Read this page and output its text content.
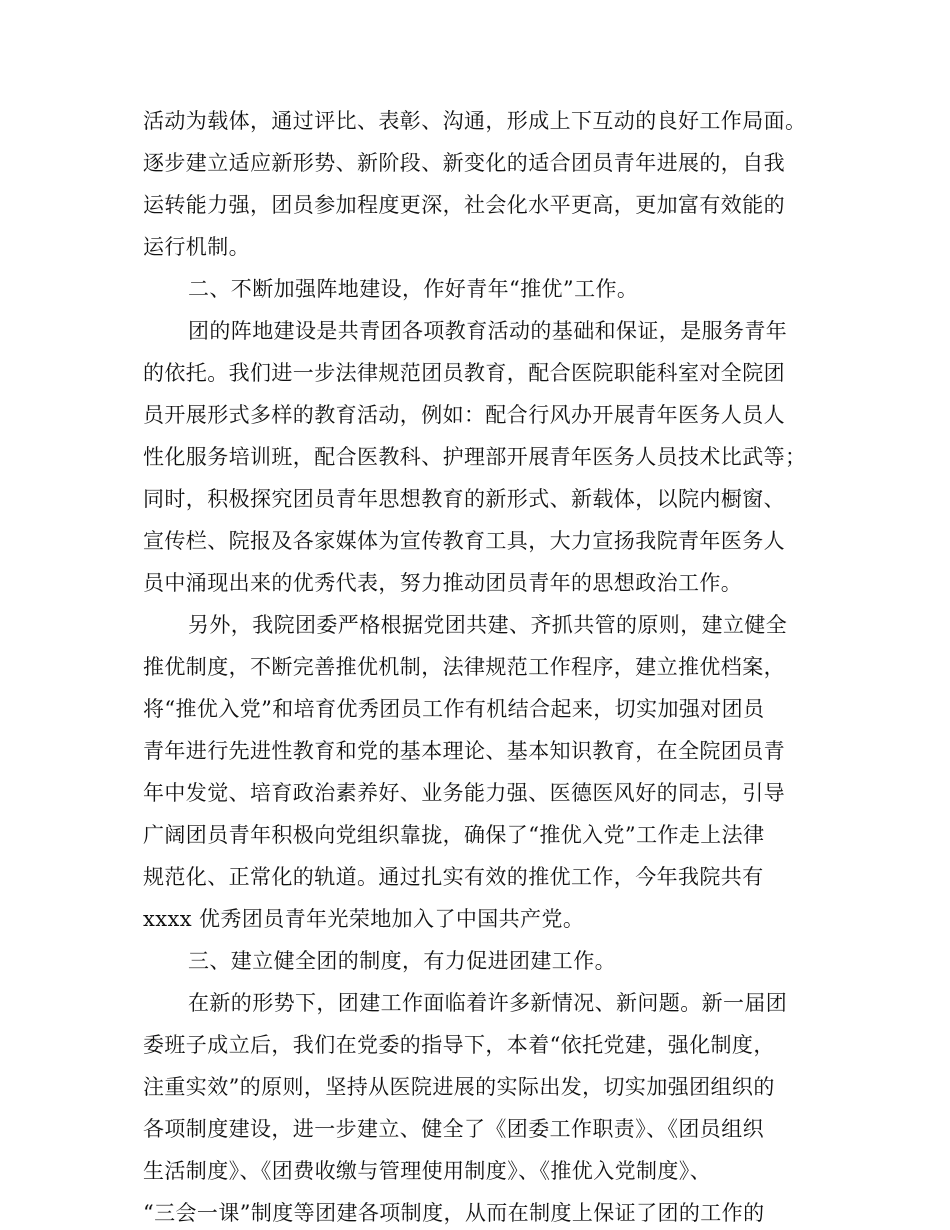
活动为载体，通过评比、表彰、沟通，形成上下互动的良好工作局面。
逐步建立适应新形势、新阶段、新变化的适合团员青年进展的，自我
运转能力强，团员参加程度更深，社会化水平更高，更加富有效能的
运行机制。
二、不断加强阵地建设，作好青年“推优”工作。
团的阵地建设是共青团各项教育活动的基础和保证，是服务青年
的依托。我们进一步法律规范团员教育，配合医院职能科室对全院团
员开展形式多样的教育活动，例如：配合行风办开展青年医务人员人
性化服务培训班，配合医教科、护理部开展青年医务人员技术比武等；
同时，积极探究团员青年思想教育的新形式、新载体，以院内橱窗、
宣传栏、院报及各家媒体为宣传教育工具，大力宣扬我院青年医务人
员中涌现出来的优秀代表，努力推动团员青年的思想政治工作。
另外，我院团委严格根据党团共建、齐抓共管的原则，建立健全
推优制度，不断完善推优机制，法律规范工作程序，建立推优档案，
将“推优入党”和培育优秀团员工作有机结合起来，切实加强对团员
青年进行先进性教育和党的基本理论、基本知识教育，在全院团员青
年中发觉、培育政治素养好、业务能力强、医德医风好的同志，引导
广阔团员青年积极向党组织靠拢，确保了“推优入党”工作走上法律
规范化、正常化的轨道。通过扎实有效的推优工作，今年我院共有
xxxx 优秀团员青年光荣地加入了中国共产党。
三、建立健全团的制度，有力促进团建工作。
在新的形势下，团建工作面临着许多新情况、新问题。新一届团
委班子成立后，我们在党委的指导下，本着“依托党建，强化制度，
注重实效”的原则，坚持从医院进展的实际出发，切实加强团组织的
各项制度建设，进一步建立、健全了《团委工作职责》、《团员组织
生活制度》、《团费收缴与管理使用制度》、《推优入党制度》、
“三会一课”制度等团建各项制度，从而在制度上保证了团的工作的
